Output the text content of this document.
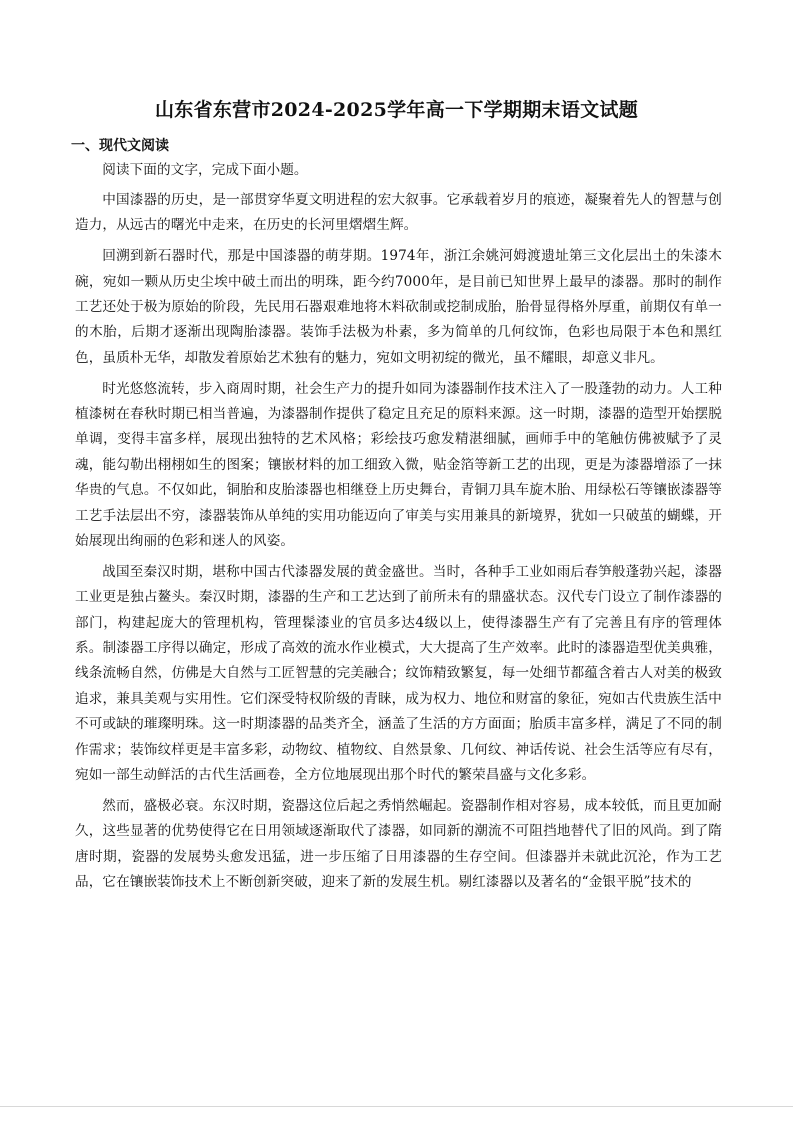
山东省东营市2024-2025学年高一下学期期末语文试题
一、现代文阅读

阅读下面的文字，完成下面小题。

中国漆器的历史，是一部贯穿华夏文明进程的宏大叙事。它承载着岁月的痕迹，凝聚着先人的智慧与创造力，从远古的曙光中走来，在历史的长河里熠熠生辉。

回溯到新石器时代，那是中国漆器的萌芽期。1974年，浙江余姚河姆渡遗址第三文化层出土的朱漆木碗，宛如一颗从历史尘埃中破土而出的明珠，距今约7000年，是目前已知世界上最早的漆器。那时的制作工艺还处于极为原始的阶段，先民用石器艰难地将木料砍制或挖制成胎，胎骨显得格外厚重，前期仅有单一的木胎，后期才逐渐出现陶胎漆器。装饰手法极为朴素，多为简单的几何纹饰，色彩也局限于本色和黑红色，虽质朴无华，却散发着原始艺术独有的魅力，宛如文明初绽的微光，虽不耀眼，却意义非凡。

时光悠悠流转，步入商周时期，社会生产力的提升如同为漆器制作技术注入了一股蓬勃的动力。人工种植漆树在春秋时期已相当普遍，为漆器制作提供了稳定且充足的原料来源。这一时期，漆器的造型开始摆脱单调，变得丰富多样，展现出独特的艺术风格；彩绘技巧愈发精湛细腻，画师手中的笔触仿佛被赋予了灵魂，能勾勒出栩栩如生的图案；镶嵌材料的加工细致入微，贴金箔等新工艺的出现，更是为漆器增添了一抹华贵的气息。不仅如此，铜胎和皮胎漆器也相继登上历史舞台，青铜刀具车旋木胎、用绿松石等镶嵌漆器等工艺手法层出不穷，漆器装饰从单纯的实用功能迈向了审美与实用兼具的新境界，犹如一只破茧的蝴蝶，开始展现出绚丽的色彩和迷人的风姿。

战国至秦汉时期，堪称中国古代漆器发展的黄金盛世。当时，各种手工业如雨后春笋般蓬勃兴起，漆器工业更是独占鳌头。秦汉时期，漆器的生产和工艺达到了前所未有的鼎盛状态。汉代专门设立了制作漆器的部门，构建起庞大的管理机构，管理髹漆业的官员多达4级以上，使得漆器生产有了完善且有序的管理体系。制漆器工序得以确定，形成了高效的流水作业模式，大大提高了生产效率。此时的漆器造型优美典雅，线条流畅自然，仿佛是大自然与工匠智慧的完美融合；纹饰精致繁复，每一处细节都蕴含着古人对美的极致追求，兼具美观与实用性。它们深受特权阶级的青睐，成为权力、地位和财富的象征，宛如古代贵族生活中不可或缺的璀璨明珠。这一时期漆器的品类齐全，涵盖了生活的方方面面；胎质丰富多样，满足了不同的制作需求；装饰纹样更是丰富多彩，动物纹、植物纹、自然景象、几何纹、神话传说、社会生活等应有尽有，宛如一部生动鲜活的古代生活画卷，全方位地展现出那个时代的繁荣昌盛与文化多彩。

然而，盛极必衰。东汉时期，瓷器这位后起之秀悄然崛起。瓷器制作相对容易，成本较低，而且更加耐久，这些显著的优势使得它在日用领域逐渐取代了漆器，如同新的潮流不可阻挡地替代了旧的风尚。到了隋唐时期，瓷器的发展势头愈发迅猛，进一步压缩了日用漆器的生存空间。但漆器并未就此沉沦，作为工艺品，它在镶嵌装饰技术上不断创新突破，迎来了新的发展生机。剔红漆器以及著名的“金银平脱”技术的
